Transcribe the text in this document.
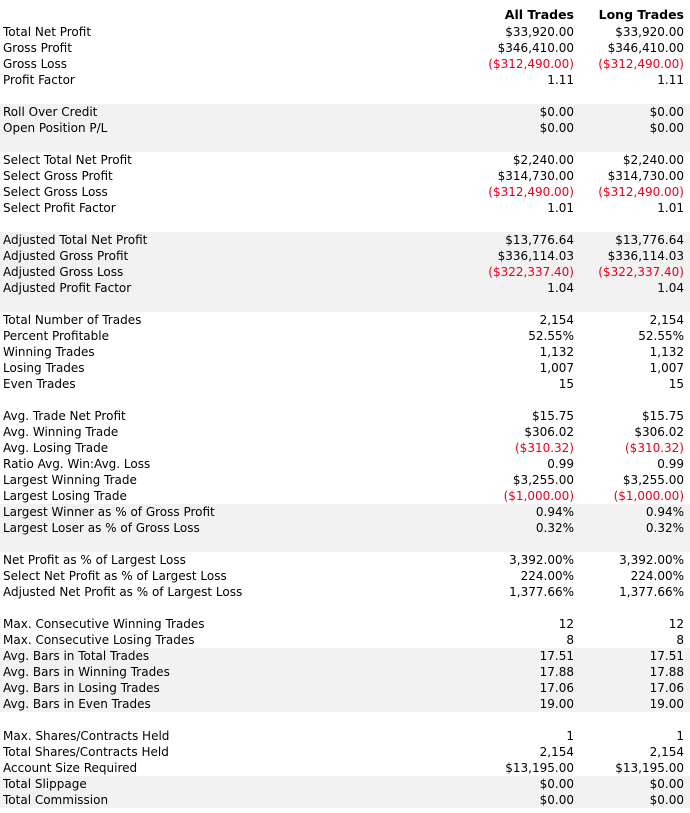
All Trades Long Trades
Total Net Profit	$33,920.00	$33,920.00
Gross Profit	$346,410.00	$346,410.00
Gross Loss	($312,490.00) ($312,490.00)
Profit Factor	1.11	1.11
Roll Over Credit	$0.00	$0.00
Open Position P/L	$0.00	$0.00
Select Total Net Profit	$2,240.00	$2,240.00
Select Gross Profit	$314,730.00	$314,730.00
Select Gross Loss	($312,490.00) ($312,490.00)
Select Profit Factor	1.01	1.01
Adjusted Total Net Profit	$13,776.64	$13,776.64
Adjusted Gross Profit	$336,114.03	$336,114.03
Adjusted Gross Loss	($322,337.40) ($322,337.40)
Adjusted Profit Factor	1.04	1.04
Total Number of Trades	2,154	2,154
Percent Profitable	52.55%	52.55%
Winning Trades	1,132	1,132
Losing Trades	1,007	1,007
Even Trades	15	15
Avg. Trade Net Profit	$15.75	$15.75
Avg. Winning Trade	$306.02	$306.02
Avg. Losing Trade	($310.32)	($310.32)
Ratio Avg. Win:Avg. Loss	0.99	0.99
Largest Winning Trade	$3,255.00	$3,255.00
Largest Losing Trade	($1,000.00)	($1,000.00)
Largest Winner as % of Gross Profit	0.94%	0.94%
Largest Loser as % of Gross Loss	0.32%	0.32%
Net Profit as % of Largest Loss	3,392.00%	3,392.00%
Select Net Profit as % of Largest Loss	224.00%	224.00%
Adjusted Net Profit as % of Largest Loss	1,377.66%	1,377.66%
Max. Consecutive Winning Trades	12	12
Max. Consecutive Losing Trades	8	8
Avg. Bars in Total Trades	17.51	17.51
Avg. Bars in Winning Trades	17.88	17.88
Avg. Bars in Losing Trades	17.06	17.06
Avg. Bars in Even Trades	19.00	19.00
Max. Shares/Contracts Held	1	1
Total Shares/Contracts Held	2,154	2,154
Account Size Required	$13,195.00	$13,195.00
Total Slippage	$0.00	$0.00
Total Commission	$0.00	$0.00
